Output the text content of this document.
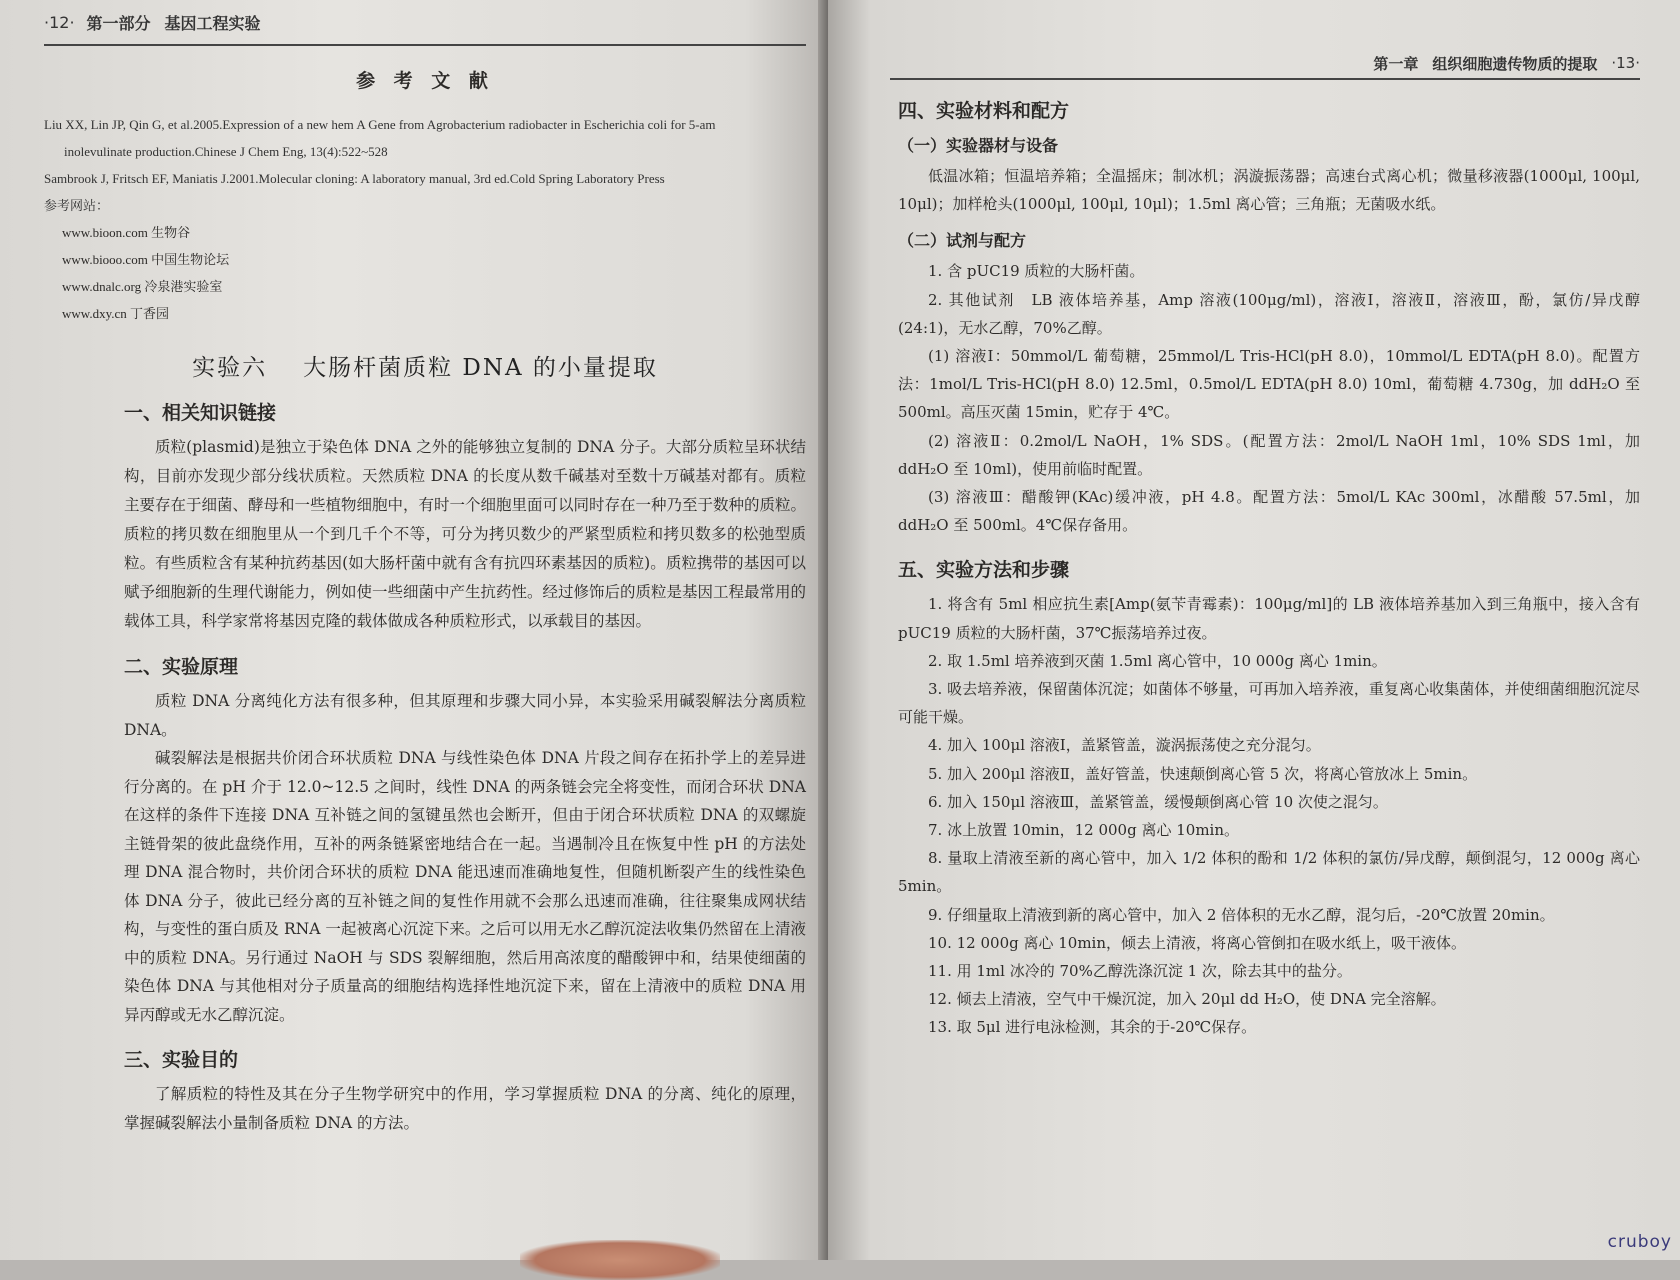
·12· 第一部分 基因工程实验
参 考 文 献
Liu XX, Lin JP, Qin G, et al.2005.Expression of a new hem A Gene from Agrobacterium radiobacter in Escherichia coli for 5-am
inolevulinate production.Chinese J Chem Eng, 13(4):522~528
Sambrook J, Fritsch EF, Maniatis J.2001.Molecular cloning: A laboratory manual, 3rd ed.Cold Spring Laboratory Press
参考网站：
www.bioon.com 生物谷
www.biooo.com 中国生物论坛
www.dnalc.org 冷泉港实验室
www.dxy.cn 丁香园
实验六 大肠杆菌质粒 DNA 的小量提取
一、相关知识链接

质粒(plasmid)是独立于染色体 DNA 之外的能够独立复制的 DNA 分子。大部分质粒呈环状结构，目前亦发现少部分线状质粒。天然质粒 DNA 的长度从数千碱基对至数十万碱基对都有。质粒主要存在于细菌、酵母和一些植物细胞中，有时一个细胞里面可以同时存在一种乃至于数种的质粒。质粒的拷贝数在细胞里从一个到几千个不等，可分为拷贝数少的严紧型质粒和拷贝数多的松弛型质粒。有些质粒含有某种抗药基因(如大肠杆菌中就有含有抗四环素基因的质粒)。质粒携带的基因可以赋予细胞新的生理代谢能力，例如使一些细菌中产生抗药性。经过修饰后的质粒是基因工程最常用的载体工具，科学家常将基因克隆的载体做成各种质粒形式，以承载目的基因。

二、实验原理

质粒 DNA 分离纯化方法有很多种，但其原理和步骤大同小异，本实验采用碱裂解法分离质粒 DNA。

碱裂解法是根据共价闭合环状质粒 DNA 与线性染色体 DNA 片段之间存在拓扑学上的差异进行分离的。在 pH 介于 12.0~12.5 之间时，线性 DNA 的两条链会完全将变性，而闭合环状 DNA 在这样的条件下连接 DNA 互补链之间的氢键虽然也会断开，但由于闭合环状质粒 DNA 的双螺旋主链骨架的彼此盘绕作用，互补的两条链紧密地结合在一起。当遇制冷且在恢复中性 pH 的方法处理 DNA 混合物时，共价闭合环状的质粒 DNA 能迅速而准确地复性，但随机断裂产生的线性染色体 DNA 分子，彼此已经分离的互补链之间的复性作用就不会那么迅速而准确，往往聚集成网状结构，与变性的蛋白质及 RNA 一起被离心沉淀下来。之后可以用无水乙醇沉淀法收集仍然留在上清液中的质粒 DNA。另行通过 NaOH 与 SDS 裂解细胞，然后用高浓度的醋酸钾中和，结果使细菌的染色体 DNA 与其他相对分子质量高的细胞结构选择性地沉淀下来，留在上清液中的质粒 DNA 用异丙醇或无水乙醇沉淀。

三、实验目的

了解质粒的特性及其在分子生物学研究中的作用，学习掌握质粒 DNA 的分离、纯化的原理，掌握碱裂解法小量制备质粒 DNA 的方法。

第一章 组织细胞遗传物质的提取 ·13·
四、实验材料和配方
（一）实验器材与设备

低温冰箱；恒温培养箱；全温摇床；制冰机；涡漩振荡器；高速台式离心机；微量移液器(1000μl, 100μl, 10μl)；加样枪头(1000μl, 100μl, 10μl)；1.5ml 离心管；三角瓶；无菌吸水纸。

（二）试剂与配方

1. 含 pUC19 质粒的大肠杆菌。

2. 其他试剂　LB 液体培养基，Amp 溶液(100μg/ml)，溶液Ⅰ，溶液Ⅱ，溶液Ⅲ，酚，氯仿/异戊醇(24:1)，无水乙醇，70%乙醇。

(1) 溶液Ⅰ：50mmol/L 葡萄糖，25mmol/L Tris-HCl(pH 8.0)，10mmol/L EDTA(pH 8.0)。配置方法：1mol/L Tris-HCl(pH 8.0) 12.5ml，0.5mol/L EDTA(pH 8.0) 10ml，葡萄糖 4.730g，加 ddH₂O 至 500ml。高压灭菌 15min，贮存于 4℃。

(2) 溶液Ⅱ：0.2mol/L NaOH，1% SDS。(配置方法：2mol/L NaOH 1ml，10% SDS 1ml，加 ddH₂O 至 10ml)，使用前临时配置。

(3) 溶液Ⅲ：醋酸钾(KAc)缓冲液，pH 4.8。配置方法：5mol/L KAc 300ml，冰醋酸 57.5ml，加 ddH₂O 至 500ml。4℃保存备用。

五、实验方法和步骤

1. 将含有 5ml 相应抗生素[Amp(氨苄青霉素)：100μg/ml]的 LB 液体培养基加入到三角瓶中，接入含有 pUC19 质粒的大肠杆菌，37℃振荡培养过夜。

2. 取 1.5ml 培养液到灭菌 1.5ml 离心管中，10 000g 离心 1min。

3. 吸去培养液，保留菌体沉淀；如菌体不够量，可再加入培养液，重复离心收集菌体，并使细菌细胞沉淀尽可能干燥。

4. 加入 100μl 溶液Ⅰ，盖紧管盖，漩涡振荡使之充分混匀。

5. 加入 200μl 溶液Ⅱ，盖好管盖，快速颠倒离心管 5 次，将离心管放冰上 5min。

6. 加入 150μl 溶液Ⅲ，盖紧管盖，缓慢颠倒离心管 10 次使之混匀。

7. 冰上放置 10min，12 000g 离心 10min。

8. 量取上清液至新的离心管中，加入 1/2 体积的酚和 1/2 体积的氯仿/异戊醇，颠倒混匀，12 000g 离心 5min。

9. 仔细量取上清液到新的离心管中，加入 2 倍体积的无水乙醇，混匀后，-20℃放置 20min。

10. 12 000g 离心 10min，倾去上清液，将离心管倒扣在吸水纸上，吸干液体。

11. 用 1ml 冰冷的 70%乙醇洗涤沉淀 1 次，除去其中的盐分。

12. 倾去上清液，空气中干燥沉淀，加入 20μl dd H₂O，使 DNA 完全溶解。

13. 取 5μl 进行电泳检测，其余的于-20℃保存。

cruboy
